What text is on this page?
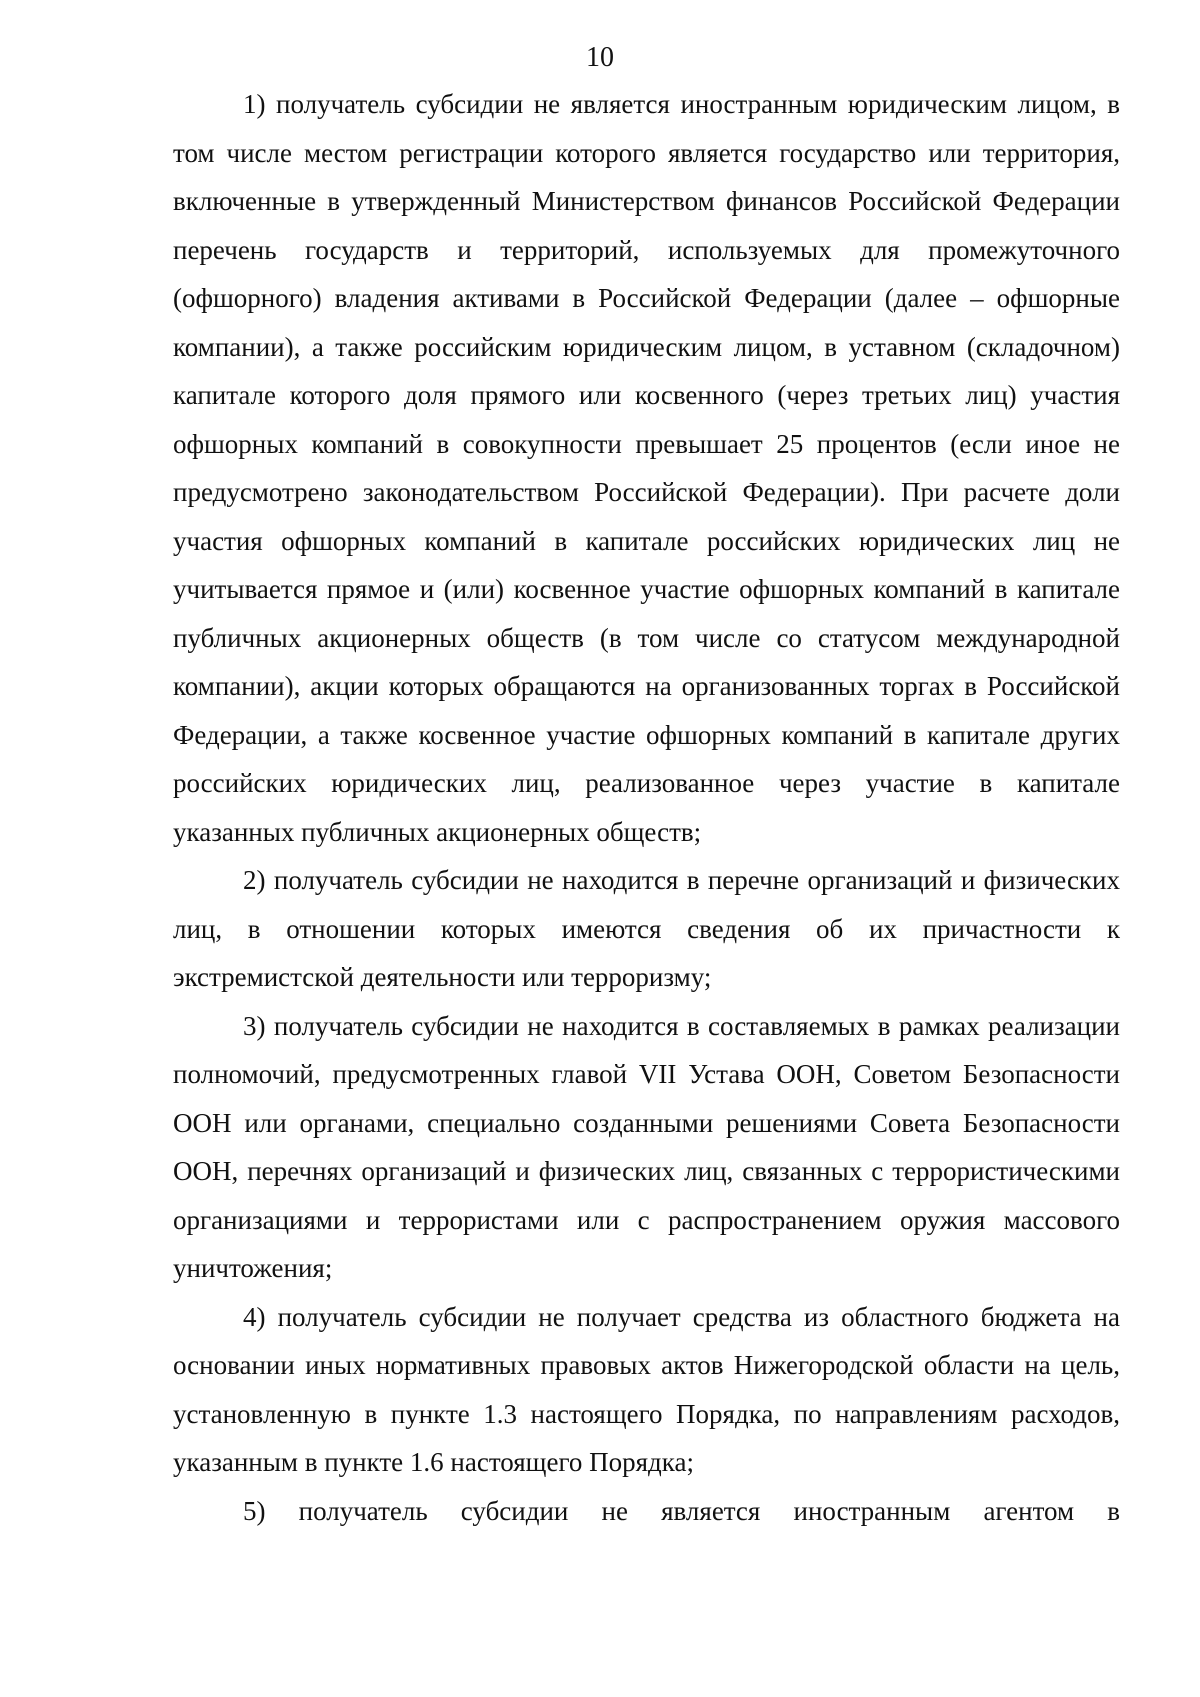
10

1) получатель субсидии не является иностранным юридическим лицом, в том числе местом регистрации которого является государство или территория, включенные в утвержденный Министерством финансов Российской Федерации перечень государств и территорий, используемых для промежуточного (офшорного) владения активами в Российской Федерации (далее – офшорные компании), а также российским юридическим лицом, в уставном (складочном) капитале которого доля прямого или косвенного (через третьих лиц) участия офшорных компаний в совокупности превышает 25 процентов (если иное не предусмотрено законодательством Российской Федерации). При расчете доли участия офшорных компаний в капитале российских юридических лиц не учитывается прямое и (или) косвенное участие офшорных компаний в капитале публичных акционерных обществ (в том числе со статусом международной компании), акции которых обращаются на организованных торгах в Российской Федерации, а также косвенное участие офшорных компаний в капитале других российских юридических лиц, реализованное через участие в капитале указанных публичных акционерных обществ;

2) получатель субсидии не находится в перечне организаций и физических лиц, в отношении которых имеются сведения об их причастности к экстремистской деятельности или терроризму;

3) получатель субсидии не находится в составляемых в рамках реализации полномочий, предусмотренных главой VII Устава ООН, Советом Безопасности ООН или органами, специально созданными решениями Совета Безопасности ООН, перечнях организаций и физических лиц, связанных с террористическими организациями и террористами или с распространением оружия массового уничтожения;

4) получатель субсидии не получает средства из областного бюджета на основании иных нормативных правовых актов Нижегородской области на цель, установленную в пункте 1.3 настоящего Порядка, по направлениям расходов, указанным в пункте 1.6 настоящего Порядка;

5) получатель субсидии не является иностранным агентом в
